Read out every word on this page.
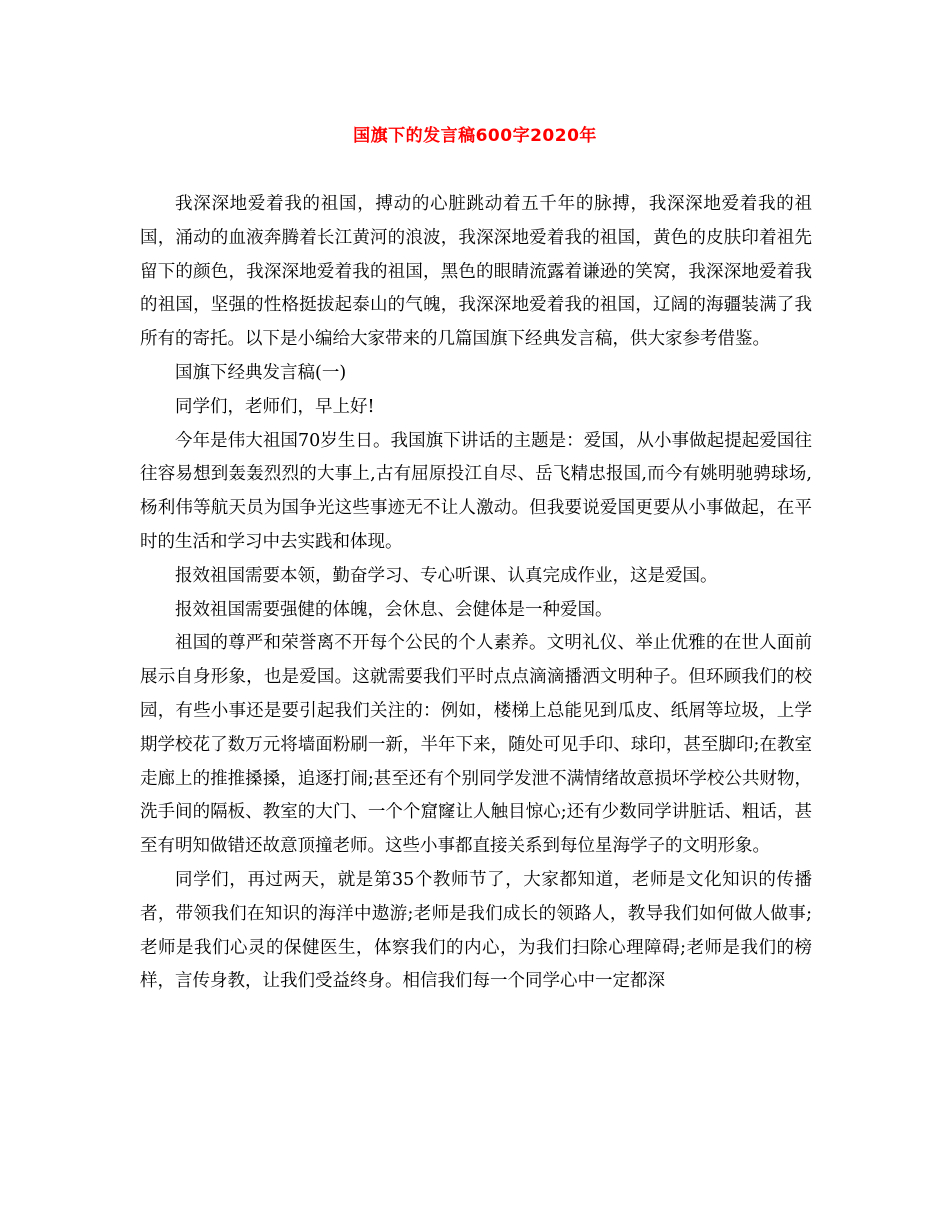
国旗下的发言稿600字2020年

我深深地爱着我的祖国，搏动的心脏跳动着五千年的脉搏，我深深地爱着我的祖国，涌动的血液奔腾着长江黄河的浪波，我深深地爱着我的祖国，黄色的皮肤印着祖先留下的颜色，我深深地爱着我的祖国，黑色的眼睛流露着谦逊的笑窝，我深深地爱着我的祖国，坚强的性格挺拔起泰山的气魄，我深深地爱着我的祖国，辽阔的海疆装满了我所有的寄托。以下是小编给大家带来的几篇国旗下经典发言稿，供大家参考借鉴。

国旗下经典发言稿(一)

同学们，老师们，早上好!

今年是伟大祖国70岁生日。我国旗下讲话的主题是：爱国，从小事做起提起爱国往往容易想到轰轰烈烈的大事上,古有屈原投江自尽、岳飞精忠报国,而今有姚明驰骋球场,杨利伟等航天员为国争光这些事迹无不让人激动。但我要说爱国更要从小事做起，在平时的生活和学习中去实践和体现。

报效祖国需要本领，勤奋学习、专心听课、认真完成作业，这是爱国。

报效祖国需要强健的体魄，会休息、会健体是一种爱国。

祖国的尊严和荣誉离不开每个公民的个人素养。文明礼仪、举止优雅的在世人面前展示自身形象，也是爱国。这就需要我们平时点点滴滴播洒文明种子。但环顾我们的校园，有些小事还是要引起我们关注的：例如，楼梯上总能见到瓜皮、纸屑等垃圾，上学期学校花了数万元将墙面粉刷一新，半年下来，随处可见手印、球印，甚至脚印;在教室走廊上的推推搡搡，追逐打闹;甚至还有个别同学发泄不满情绪故意损坏学校公共财物，洗手间的隔板、教室的大门、一个个窟窿让人触目惊心;还有少数同学讲脏话、粗话，甚至有明知做错还故意顶撞老师。这些小事都直接关系到每位星海学子的文明形象。

同学们，再过两天，就是第35个教师节了，大家都知道，老师是文化知识的传播者，带领我们在知识的海洋中遨游;老师是我们成长的领路人，教导我们如何做人做事;老师是我们心灵的保健医生，体察我们的内心，为我们扫除心理障碍;老师是我们的榜样，言传身教，让我们受益终身。相信我们每一个同学心中一定都深
